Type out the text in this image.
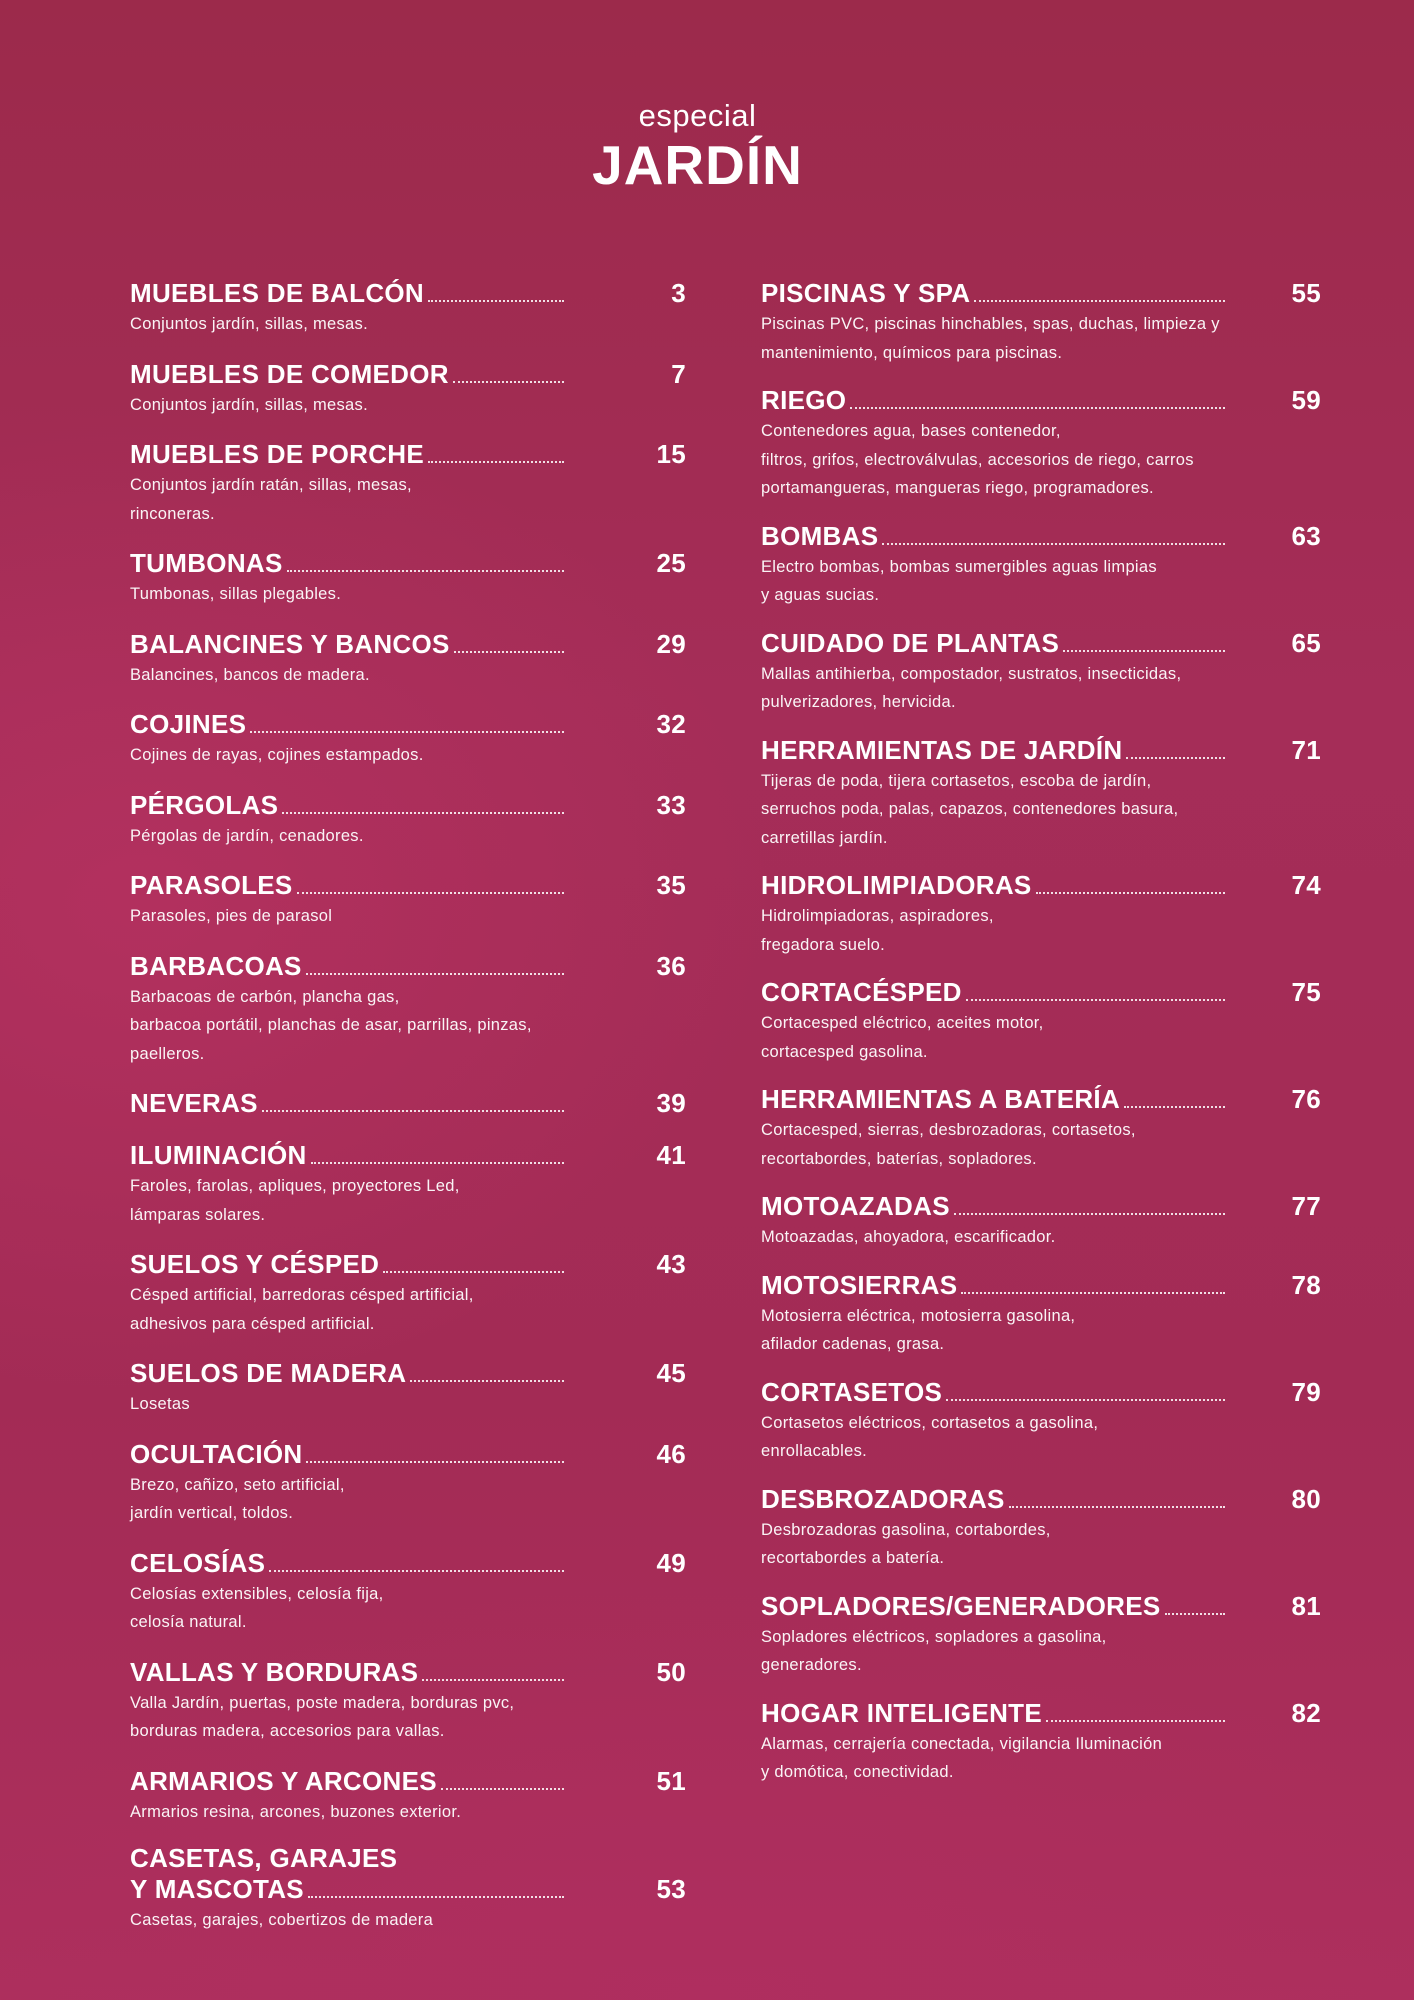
especial
JARDÍN
MUEBLES DE BALCÓN	3
Conjuntos jardín, sillas, mesas.
MUEBLES DE COMEDOR	7
Conjuntos jardín, sillas, mesas.
MUEBLES DE PORCHE	15
Conjuntos jardín ratán, sillas, mesas,
rinconeras.
TUMBONAS	25
Tumbonas, sillas plegables.
BALANCINES Y BANCOS	29
Balancines, bancos de madera.
COJINES	32
Cojines de rayas, cojines estampados.
PÉRGOLAS	33
Pérgolas de jardín, cenadores.
PARASOLES	35
Parasoles, pies de parasol
BARBACOAS	36
Barbacoas de carbón, plancha gas,
barbacoa portátil, planchas de asar, parrillas, pinzas,
paelleros.
NEVERAS	39
ILUMINACIÓN	41
Faroles, farolas, apliques, proyectores Led,
lámparas solares.
SUELOS Y CÉSPED	43
Césped artificial, barredoras césped artificial,
adhesivos para césped artificial.
SUELOS DE MADERA	45
Losetas
OCULTACIÓN	46
Brezo, cañizo, seto artificial,
jardín vertical, toldos.
CELOSÍAS	49
Celosías extensibles, celosía fija,
celosía natural.
VALLAS Y BORDURAS	50
Valla Jardín, puertas, poste madera, borduras pvc,
borduras madera, accesorios para vallas.
ARMARIOS Y ARCONES	51
Armarios resina, arcones, buzones exterior.
CASETAS, GARAJES
Y MASCOTAS	53
Casetas, garajes, cobertizos de madera
PISCINAS Y SPA	55
Piscinas PVC, piscinas hinchables, spas, duchas, limpieza y
mantenimiento, químicos para piscinas.
RIEGO	59
Contenedores agua, bases contenedor,
filtros, grifos, electroválvulas, accesorios de riego, carros
portamangueras, mangueras riego, programadores.
BOMBAS	63
Electro bombas, bombas sumergibles aguas limpias
y aguas sucias.
CUIDADO DE PLANTAS	65
Mallas antihierba, compostador, sustratos, insecticidas,
pulverizadores, hervicida.
HERRAMIENTAS DE JARDÍN	71
Tijeras de poda, tijera cortasetos, escoba de jardín,
serruchos poda, palas, capazos, contenedores basura,
carretillas jardín.
HIDROLIMPIADORAS	74
Hidrolimpiadoras, aspiradores,
fregadora suelo.
CORTACÉSPED	75
Cortacesped eléctrico, aceites motor,
cortacesped gasolina.
HERRAMIENTAS A BATERÍA	76
Cortacesped, sierras, desbrozadoras, cortasetos,
recortabordes, baterías, sopladores.
MOTOAZADAS	77
Motoazadas, ahoyadora, escarificador.
MOTOSIERRAS	78
Motosierra eléctrica, motosierra gasolina,
afilador cadenas, grasa.
CORTASETOS	79
Cortasetos eléctricos, cortasetos a gasolina,
enrollacables.
DESBROZADORAS	80
Desbrozadoras gasolina, cortabordes,
recortabordes a batería.
SOPLADORES/GENERADORES	81
Sopladores eléctricos, sopladores a gasolina,
generadores.
HOGAR INTELIGENTE	82
Alarmas, cerrajería conectada, vigilancia Iluminación
y domótica, conectividad.
